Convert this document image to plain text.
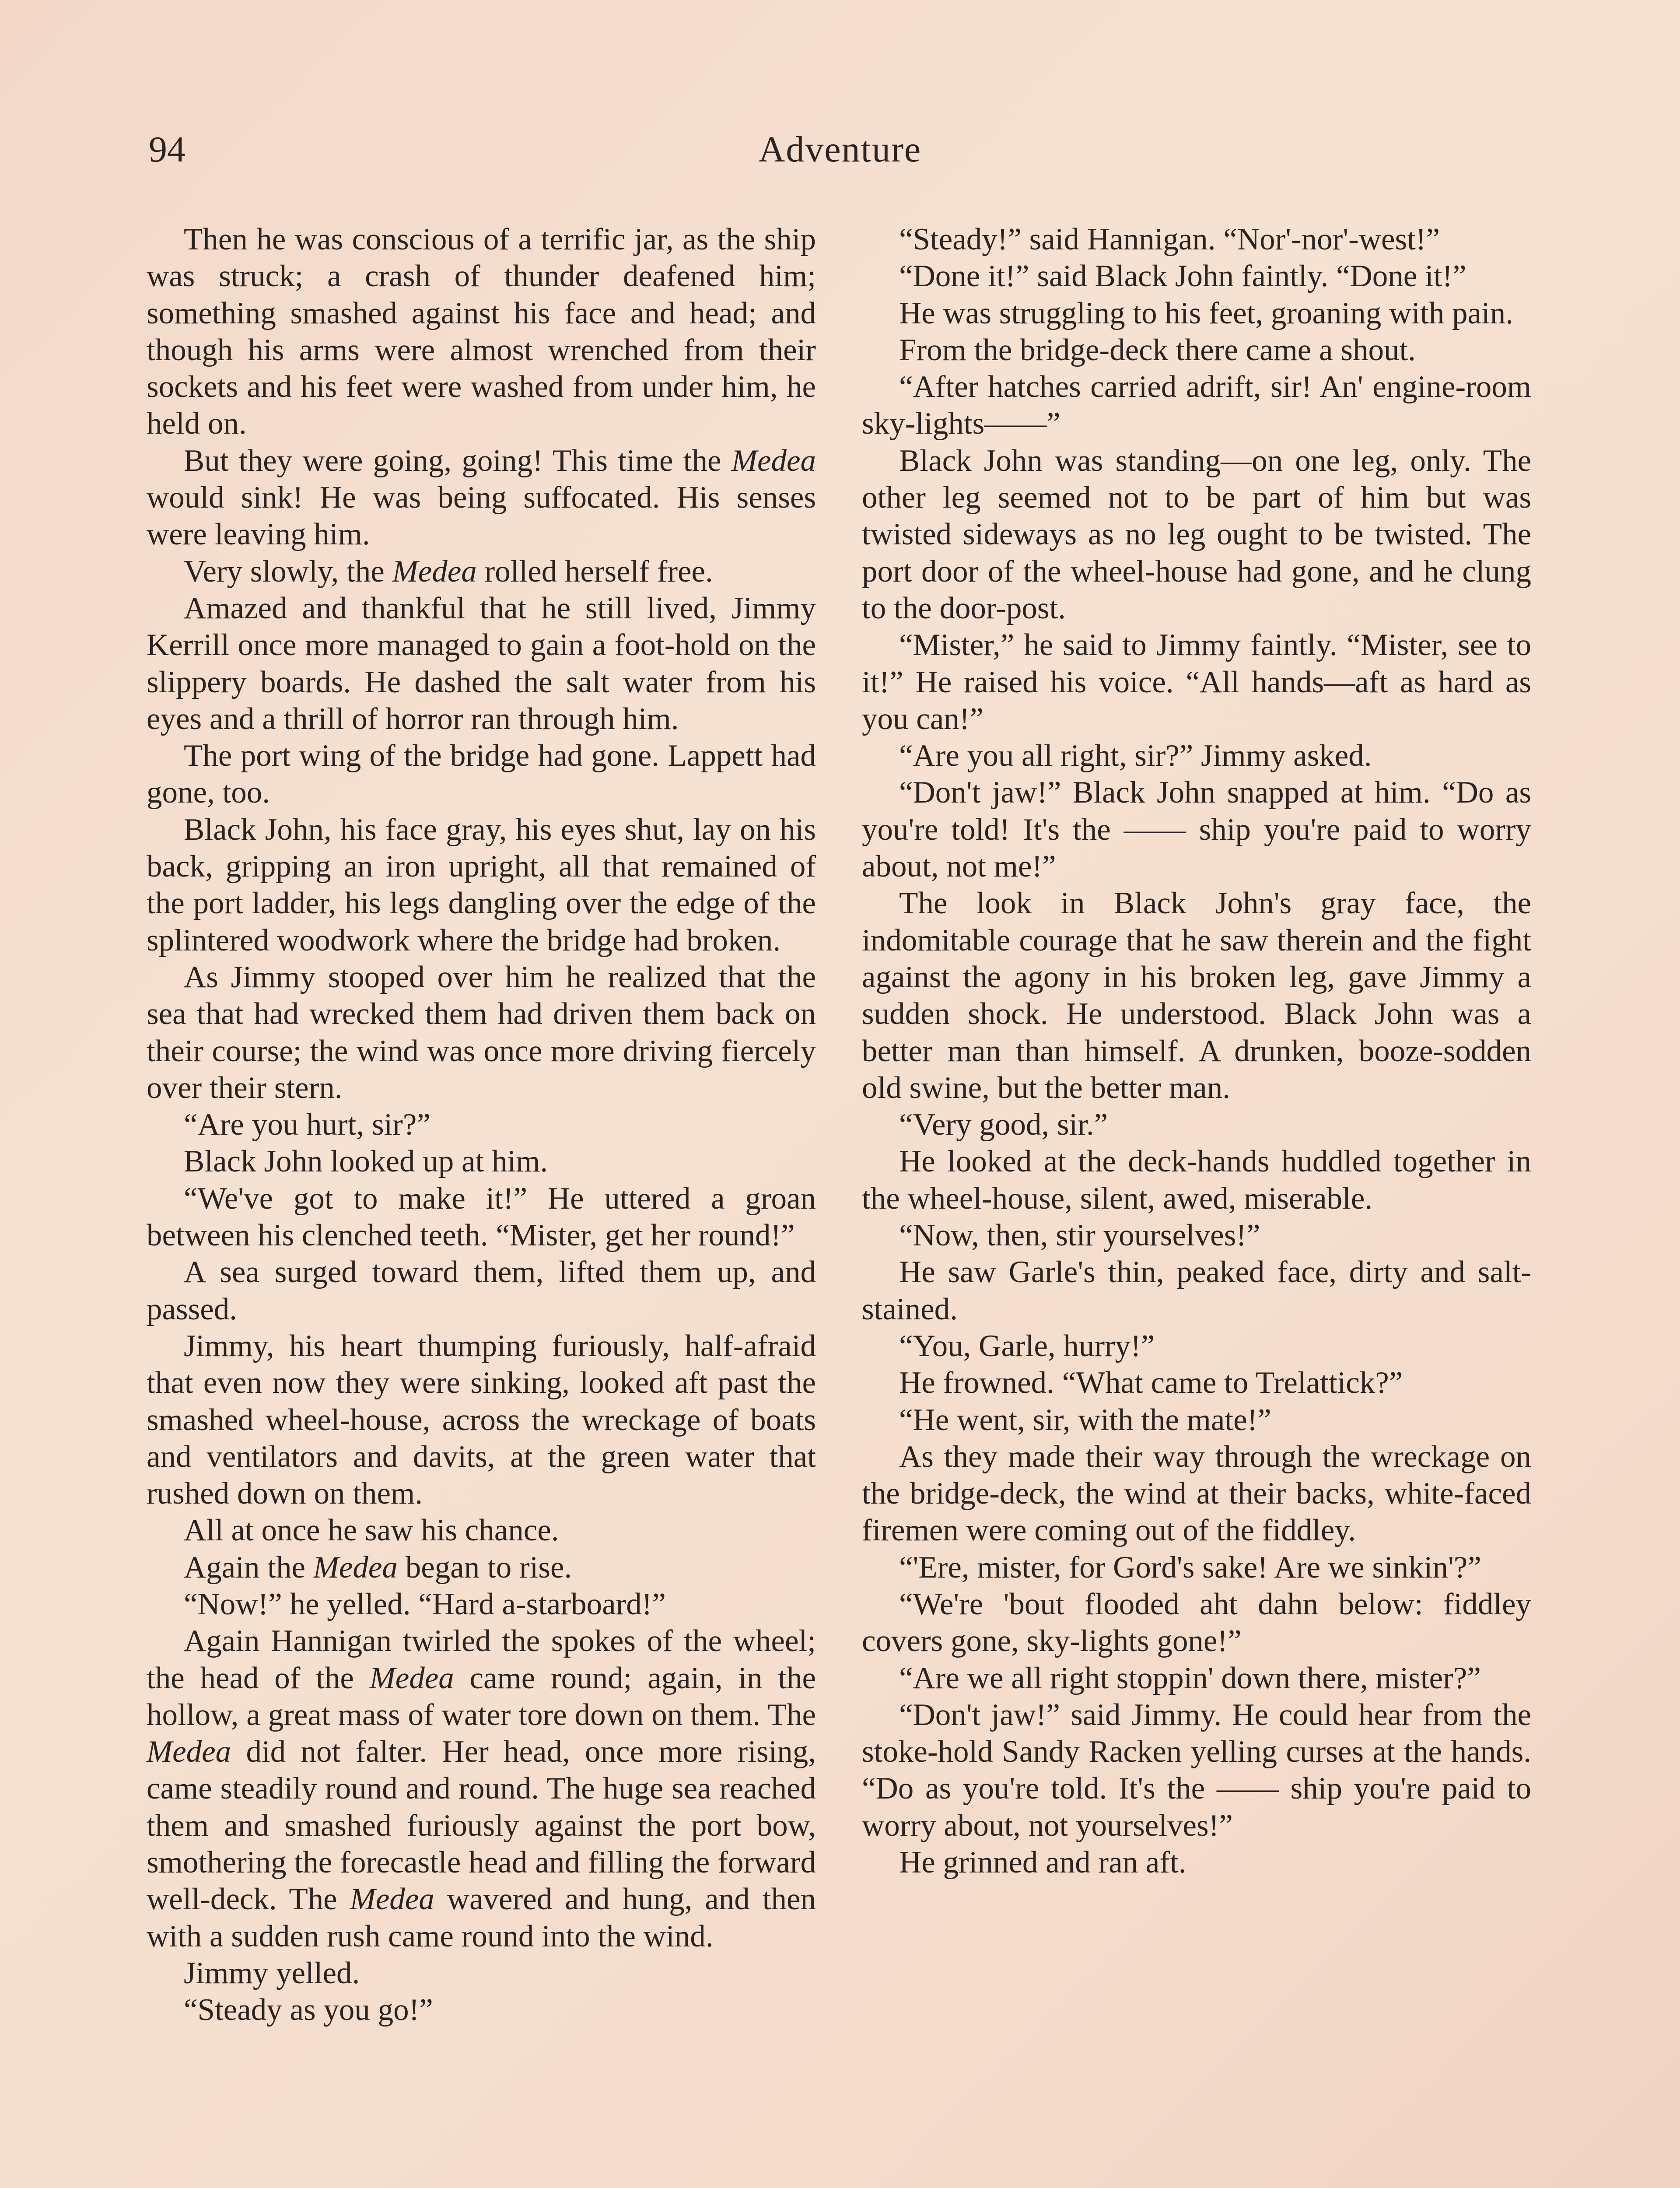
94	Adventure

Then he was conscious of a terrific jar, as the ship was struck; a crash of thunder deafened him; something smashed against his face and head; and though his arms were almost wrenched from their sockets and his feet were washed from under him, he held on.

But they were going, going! This time the Medea would sink! He was being suffocated. His senses were leaving him.

Very slowly, the Medea rolled herself free.

Amazed and thankful that he still lived, Jimmy Kerrill once more managed to gain a foot-hold on the slippery boards. He dashed the salt water from his eyes and a thrill of horror ran through him.

The port wing of the bridge had gone. Lappett had gone, too.

Black John, his face gray, his eyes shut, lay on his back, gripping an iron upright, all that remained of the port ladder, his legs dangling over the edge of the splintered woodwork where the bridge had broken.

As Jimmy stooped over him he realized that the sea that had wrecked them had driven them back on their course; the wind was once more driving fiercely over their stern.

“Are you hurt, sir?”

Black John looked up at him.

“We've got to make it!” He uttered a groan between his clenched teeth. “Mister, get her round!”

A sea surged toward them, lifted them up, and passed.

Jimmy, his heart thumping furiously, half-afraid that even now they were sinking, looked aft past the smashed wheel-house, across the wreckage of boats and ventilators and davits, at the green water that rushed down on them.

All at once he saw his chance.

Again the Medea began to rise.

“Now!” he yelled. “Hard a-starboard!”

Again Hannigan twirled the spokes of the wheel; the head of the Medea came round; again, in the hollow, a great mass of water tore down on them. The Medea did not falter. Her head, once more rising, came steadily round and round. The huge sea reached them and smashed furiously against the port bow, smothering the forecastle head and filling the forward well-deck. The Medea wavered and hung, and then with a sudden rush came round into the wind.

Jimmy yelled.

“Steady as you go!”

“Steady!” said Hannigan. “Nor'-nor'-west!”

“Done it!” said Black John faintly. “Done it!”

He was struggling to his feet, groaning with pain.

From the bridge-deck there came a shout.

“After hatches carried adrift, sir! An' engine-room sky-lights——”

Black John was standing—on one leg, only. The other leg seemed not to be part of him but was twisted sideways as no leg ought to be twisted. The port door of the wheel-house had gone, and he clung to the door-post.

“Mister,” he said to Jimmy faintly. “Mister, see to it!” He raised his voice. “All hands—aft as hard as you can!”

“Are you all right, sir?” Jimmy asked.

“Don't jaw!” Black John snapped at him. “Do as you're told! It's the —— ship you're paid to worry about, not me!”

The look in Black John's gray face, the indomitable courage that he saw therein and the fight against the agony in his broken leg, gave Jimmy a sudden shock. He understood. Black John was a better man than himself. A drunken, booze-sodden old swine, but the better man.

“Very good, sir.”

He looked at the deck-hands huddled together in the wheel-house, silent, awed, miserable.

“Now, then, stir yourselves!”

He saw Garle's thin, peaked face, dirty and salt-stained.

“You, Garle, hurry!”

He frowned. “What came to Trelattick?”

“He went, sir, with the mate!”

As they made their way through the wreckage on the bridge-deck, the wind at their backs, white-faced firemen were coming out of the fiddley.

“'Ere, mister, for Gord's sake! Are we sinkin'?”

“We're 'bout flooded aht dahn below: fiddley covers gone, sky-lights gone!”

“Are we all right stoppin' down there, mister?”

“Don't jaw!” said Jimmy. He could hear from the stoke-hold Sandy Racken yelling curses at the hands. “Do as you're told. It's the —— ship you're paid to worry about, not yourselves!”

He grinned and ran aft.
